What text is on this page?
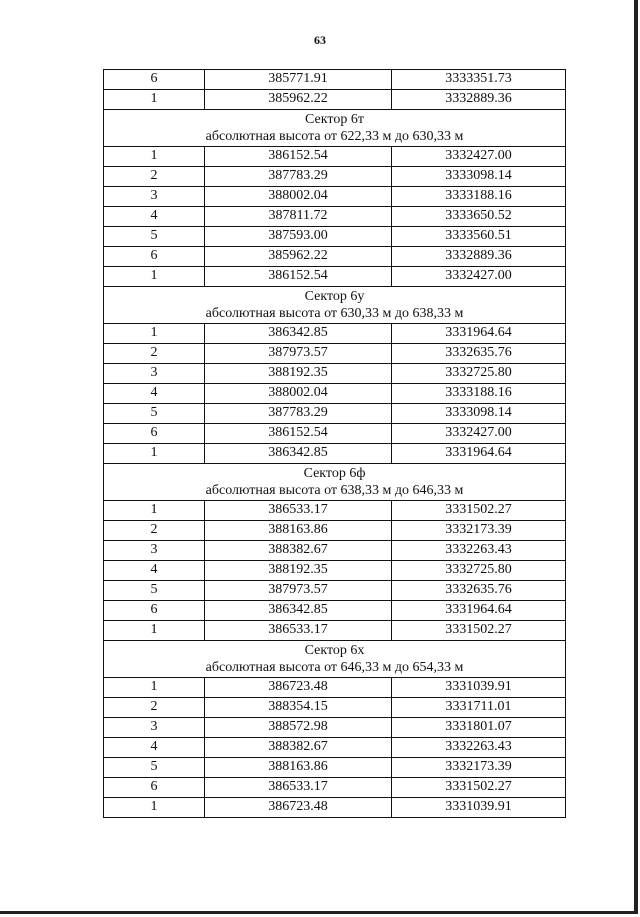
63
6	385771.91	3333351.73
1	385962.22	3332889.36

Сектор 6т
абсолютная высота от 622,33 м до 630,33 м		

1	386152.54	3332427.00
2	387783.29	3333098.14
3	388002.04	3333188.16
4	387811.72	3333650.52
5	387593.00	3333560.51
6	385962.22	3332889.36
1	386152.54	3332427.00

Сектор 6у
абсолютная высота от 630,33 м до 638,33 м		

1	386342.85	3331964.64
2	387973.57	3332635.76
3	388192.35	3332725.80
4	388002.04	3333188.16
5	387783.29	3333098.14
6	386152.54	3332427.00
1	386342.85	3331964.64

Сектор 6ф
абсолютная высота от 638,33 м до 646,33 м		

1	386533.17	3331502.27
2	388163.86	3332173.39
3	388382.67	3332263.43
4	388192.35	3332725.80
5	387973.57	3332635.76
6	386342.85	3331964.64
1	386533.17	3331502.27

Сектор 6х
абсолютная высота от 646,33 м до 654,33 м		

1	386723.48	3331039.91
2	388354.15	3331711.01
3	388572.98	3331801.07
4	388382.67	3332263.43
5	388163.86	3332173.39
6	386533.17	3331502.27
1	386723.48	3331039.91
